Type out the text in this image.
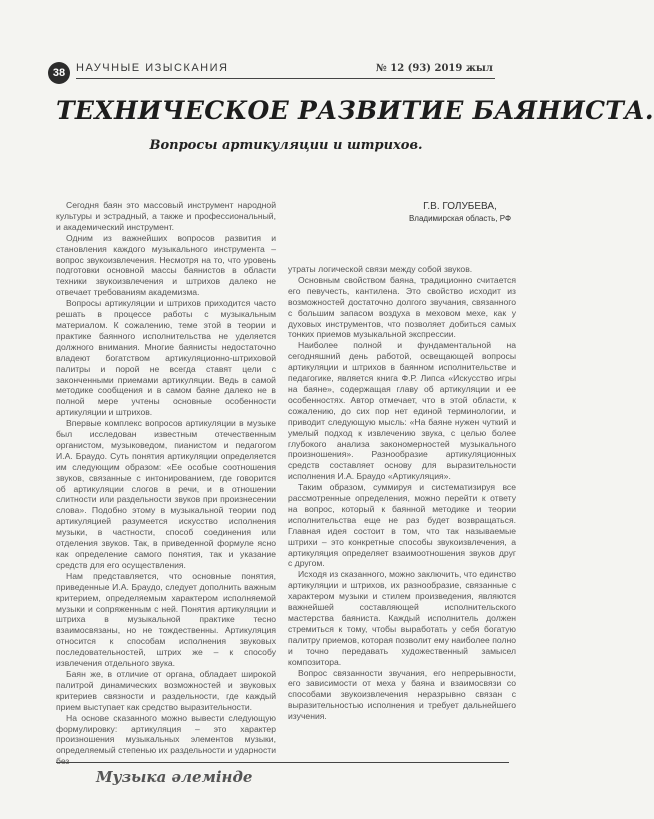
38 НАУЧНЫЕ ИЗЫСКАНИЯ	№ 12 (93) 2019 жыл
ТЕХНИЧЕСКОЕ РАЗВИТИЕ БАЯНИСТА.
Вопросы артикуляции и штрихов.
Г.В. ГОЛУБЕВА,
Владимирская область, РФ

Сегодня баян это массовый инструмент народной культуры и эстрадный, а также и профессиональный, и академический инструмент.

Одним из важнейших вопросов развития и становления каждого музыкального инструмента – вопрос звукоизвлечения. Несмотря на то, что уровень подготовки основной массы баянистов в области техники звукоизвлечения и штрихов далеко не отвечает требованиям академизма.

Вопросы артикуляции и штрихов приходится часто решать в процессе работы с музыкальным материалом. К сожалению, теме этой в теории и практике баянного исполнительства не уделяется должного внимания. Многие баянисты недостаточно владеют богатством артикуляционно-штриховой палитры и порой не всегда ставят цели с законченными приемами артикуляции. Ведь в самой методике сообщения и в самом баяне далеко не в полной мере учтены основные особенности артикуляции и штрихов.

Впервые комплекс вопросов артикуляции в музыке был исследован известным отечественным органистом, музыковедом, пианистом и педагогом И.А. Браудо. Суть понятия артикуляции определяется им следующим образом: «Ее особые соотношения звуков, связанные с интонированием, где говорится об артикуляции слогов в речи, и в отношении слитности или раздельности звуков при произнесении слова». Подобно этому в музыкальной теории под артикуляцией разумеется искусство исполнения музыки, в частности, способ соединения или отделения звуков. Так, в приведенной формуле ясно как определение самого понятия, так и указание средств для его осуществления.

Нам представляется, что основные понятия, приведенные И.А. Браудо, следует дополнить важным критерием, определяемым характером исполняемой музыки и сопряженным с ней. Понятия артикуляции и штриха в музыкальной практике тесно взаимосвязаны, но не тождественны. Артикуляция относится к способам исполнения звуковых последовательностей, штрих же – к способу извлечения отдельного звука.

Баян же, в отличие от органа, обладает широкой палитрой динамических возможностей и звуковых критериев связности и раздельности, где каждый прием выступает как средство выразительности.

На основе сказанного можно вывести следующую формулировку: артикуляция – это характер произношения музыкальных элементов музыки, определяемый степенью их раздельности и ударности без

утраты логической связи между собой звуков.

Основным свойством баяна, традиционно считается его певучесть, кантилена. Это свойство исходит из возможностей достаточно долгого звучания, связанного с большим запасом воздуха в меховом мехе, как у духовых инструментов, что позволяет добиться самых тонких приемов музыкальной экспрессии.

Наиболее полной и фундаментальной на сегодняшний день работой, освещающей вопросы артикуляции и штрихов в баянном исполнительстве и педагогике, является книга Ф.Р. Липса «Искусство игры на баяне», содержащая главу об артикуляции и ее особенностях. Автор отмечает, что в этой области, к сожалению, до сих пор нет единой терминологии, и приводит следующую мысль: «На баяне нужен чуткий и умелый подход к извлечению звука, с целью более глубокого анализа закономерностей музыкального произношения». Разнообразие артикуляционных средств составляет основу для выразительности исполнения И.А. Браудо «Артикуляция».

Таким образом, суммируя и систематизируя все рассмотренные определения, можно перейти к ответу на вопрос, который к баянной методике и теории исполнительства еще не раз будет возвращаться. Главная идея состоит в том, что так называемые штрихи – это конкретные способы звукоизвлечения, а артикуляция определяет взаимоотношения звуков друг с другом.

Исходя из сказанного, можно заключить, что единство артикуляции и штрихов, их разнообразие, связанные с характером музыки и стилем произведения, являются важнейшей составляющей исполнительского мастерства баяниста. Каждый исполнитель должен стремиться к тому, чтобы выработать у себя богатую палитру приемов, которая позволит ему наиболее полно и точно передавать художественный замысел композитора.

Вопрос связанности звучания, его непрерывности, его зависимости от меха у баяна и взаимосвязи со способами звукоизвлечения неразрывно связан с выразительностью исполнения и требует дальнейшего изучения.

Музыка әлемінде
